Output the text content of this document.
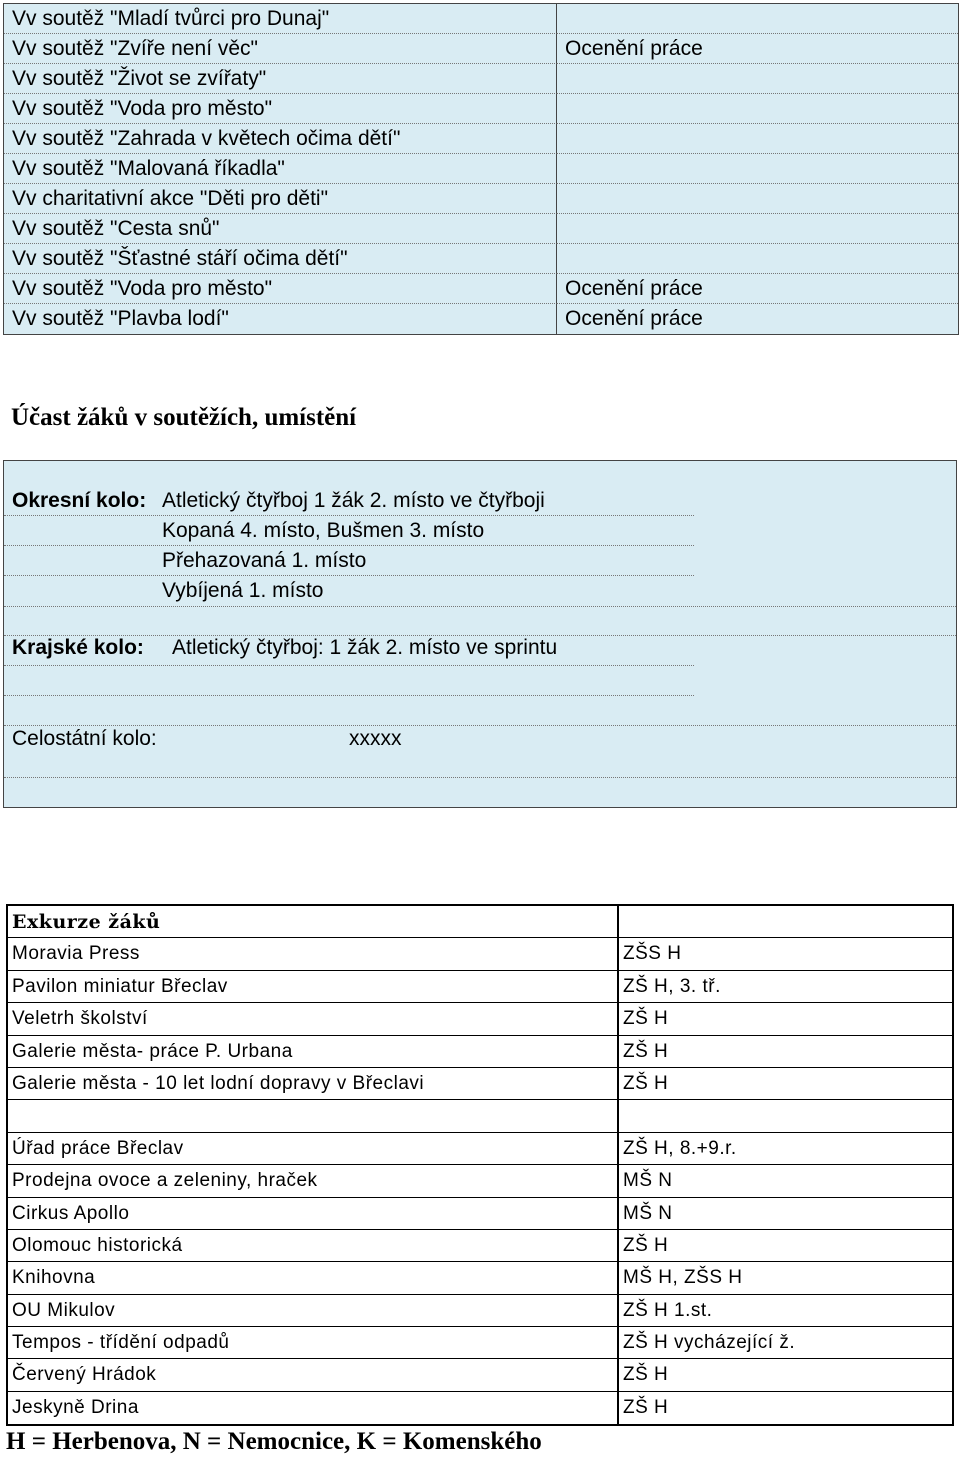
Vv soutěž "Mladí tvůrci pro Dunaj"
Vv soutěž "Zvíře není věc"	Ocenění práce
Vv soutěž "Život se zvířaty"
Vv soutěž "Voda pro město"
Vv soutěž "Zahrada v květech očima dětí"
Vv soutěž "Malovaná říkadla"
Vv charitativní akce "Děti pro děti"
Vv soutěž "Cesta snů"
Vv soutěž "Šťastné stáří očima dětí"
Vv soutěž "Voda pro město"	Ocenění práce
Vv soutěž "Plavba lodí"	Ocenění práce
Účast žáků v soutěžích, umístění
Okresní kolo: Atletický čtyřboj 1 žák 2. místo ve čtyřboji
Kopaná 4. místo, Bušmen 3. místo
Přehazovaná 1. místo
Vybíjená 1. místo
Krajské kolo: Atletický čtyřboj: 1 žák 2. místo ve sprintu
Celostátní kolo:	xxxxx
Exkurze žáků
Moravia Press	ZŠS H
Pavilon miniatur Břeclav	ZŠ H, 3. tř.
Veletrh školství	ZŠ H
Galerie města- práce P. Urbana	ZŠ H
Galerie města - 10 let lodní dopravy v Břeclavi	ZŠ H
Úřad práce Břeclav	ZŠ H, 8.+9.r.
Prodejna ovoce a zeleniny, hraček	MŠ N
Cirkus Apollo	MŠ N
Olomouc historická	ZŠ H
Knihovna	MŠ H, ZŠS H
OU Mikulov	ZŠ H 1.st.
Tempos - třídění odpadů	ZŠ H vycházející ž.
Červený Hrádok	ZŠ H
Jeskyně Drina	ZŠ H
H = Herbenova, N = Nemocnice, K = Komenského
